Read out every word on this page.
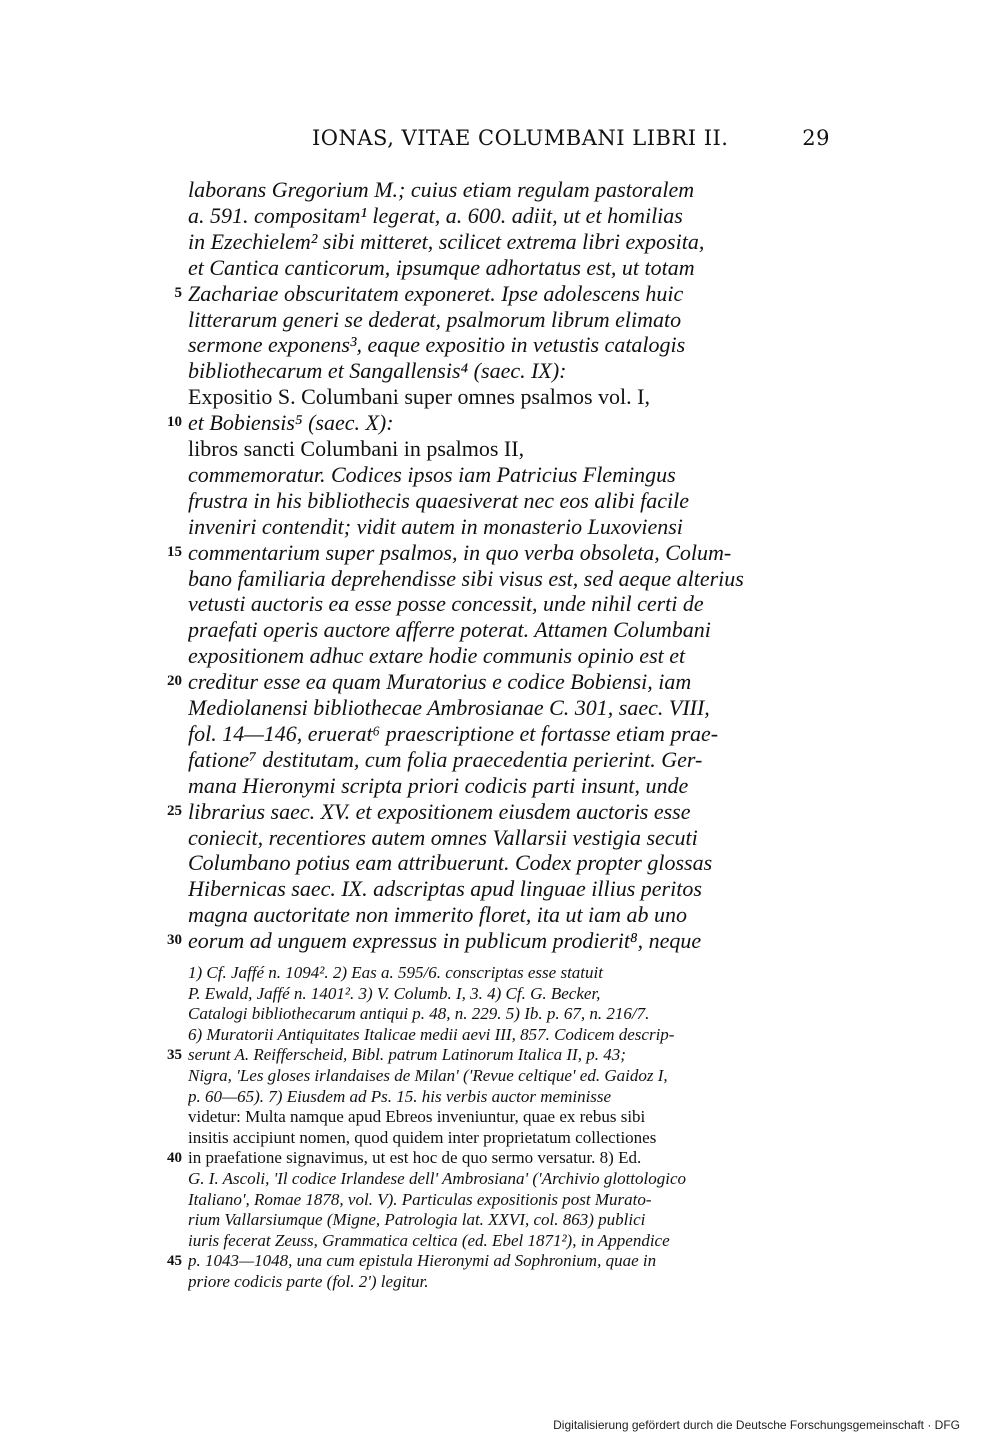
IONAS, VITAE COLUMBANI LIBRI II.	29
laborans Gregorium M.; cuius etiam regulam pastoralem
a. 591. compositam¹ legerat, a. 600. adiit, ut et homilias
in Ezechielem² sibi mitteret, scilicet extrema libri exposita,
et Cantica canticorum, ipsumque adhortatus est, ut totam
Zachariae obscuritatem exponeret. Ipse adolescens huic
5
litterarum generi se dederat, psalmorum librum elimato
sermone exponens³, eaque expositio in vetustis catalogis
bibliothecarum et Sangallensis⁴ (saec. IX):
Expositio S. Columbani super omnes psalmos vol. I,
et Bobiensis⁵ (saec. X):
10
libros sancti Columbani in psalmos II,
commemoratur. Codices ipsos iam Patricius Flemingus
frustra in his bibliothecis quaesiverat nec eos alibi facile
inveniri contendit; vidit autem in monasterio Luxoviensi
commentarium super psalmos, in quo verba obsoleta, Colum-
15
bano familiaria deprehendisse sibi visus est, sed aeque alterius
vetusti auctoris ea esse posse concessit, unde nihil certi de
praefati operis auctore afferre poterat. Attamen Columbani
expositionem adhuc extare hodie communis opinio est et
creditur esse ea quam Muratorius e codice Bobiensi, iam
20
Mediolanensi bibliothecae Ambrosianae C. 301, saec. VIII,
fol. 14—146, eruerat⁶ praescriptione et fortasse etiam prae-
fatione⁷ destitutam, cum folia praecedentia perierint. Ger-
mana Hieronymi scripta priori codicis parti insunt, unde
librarius saec. XV. et expositionem eiusdem auctoris esse
25
coniecit, recentiores autem omnes Vallarsii vestigia secuti
Columbano potius eam attribuerunt. Codex propter glossas
Hibernicas saec. IX. adscriptas apud linguae illius peritos
magna auctoritate non immerito floret, ita ut iam ab uno
eorum ad unguem expressus in publicum prodierit⁸, neque
30
1) Cf. Jaffé n. 1094². 2) Eas a. 595/6. conscriptas esse statuit
P. Ewald, Jaffé n. 1401². 3) V. Columb. I, 3. 4) Cf. G. Becker,
Catalogi bibliothecarum antiqui p. 48, n. 229. 5) Ib. p. 67, n. 216/7.
6) Muratorii Antiquitates Italicae medii aevi III, 857. Codicem descrip-
serunt A. Reifferscheid, Bibl. patrum Latinorum Italica II, p. 43;
35
Nigra, 'Les gloses irlandaises de Milan' ('Revue celtique' ed. Gaidoz I,
p. 60—65). 7) Eiusdem ad Ps. 15. his verbis auctor meminisse
videtur: Multa namque apud Ebreos inveniuntur, quae ex rebus sibi
insitis accipiunt nomen, quod quidem inter proprietatum collectiones
in praefatione signavimus, ut est hoc de quo sermo versatur. 8) Ed.
40
G. I. Ascoli, 'Il codice Irlandese dell' Ambrosiana' ('Archivio glottologico
Italiano', Romae 1878, vol. V). Particulas expositionis post Murato-
rium Vallarsiumque (Migne, Patrologia lat. XXVI, col. 863) publici
iuris fecerat Zeuss, Grammatica celtica (ed. Ebel 1871²), in Appendice
p. 1043—1048, una cum epistula Hieronymi ad Sophronium, quae in
45
priore codicis parte (fol. 2') legitur.
Digitalisierung gefördert durch die Deutsche Forschungsgemeinschaft · DFG
